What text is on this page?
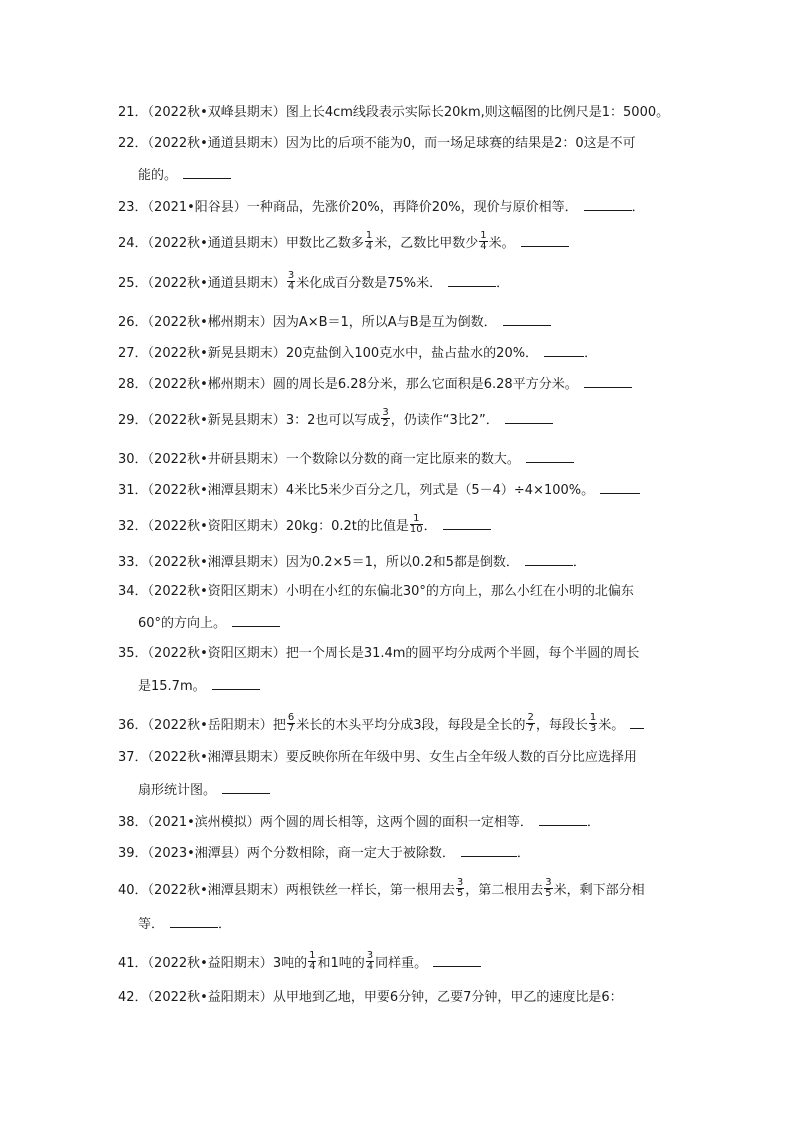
21．（2022秋•双峰县期末）图上长4cm线段表示实际长20km,则这幅图的比例尺是1：5000。
22．（2022秋•通道县期末）因为比的后项不能为0，而一场足球赛的结果是2：0这是不可
能的。
23．（2021•阳谷县）一种商品，先涨价20%，再降价20%，现价与原价相等．	．
24．（2022秋•通道县期末）甲数比乙数多 $\frac{1}{4}$ 米，乙数比甲数少 $\frac{1}{4}$ 米。
25．（2022秋•通道县期末） $\frac{3}{4}$ 米化成百分数是75%米．	．
26．（2022秋•郴州期末）因为A×B＝1，所以A与B是互为倒数．
27．（2022秋•新晃县期末）20克盐倒入100克水中，盐占盐水的20%．	．
28．（2022秋•郴州期末）圆的周长是6.28分米，那么它面积是6.28平方分米。
29．（2022秋•新晃县期末）3：2也可以写成 $\frac{3}{2}$ ，仍读作“3比2”．
30．（2022秋•井研县期末）一个数除以分数的商一定比原来的数大。
31．（2022秋•湘潭县期末）4米比5米少百分之几，列式是（5－4）÷4×100%。
32．（2022秋•资阳区期末）20kg：0.2t的比值是 $\frac{1}{10}$ ．
33．（2022秋•湘潭县期末）因为0.2×5＝1，所以0.2和5都是倒数．	．
34．（2022秋•资阳区期末）小明在小红的东偏北30°的方向上，那么小红在小明的北偏东
60°的方向上。
35．（2022秋•资阳区期末）把一个周长是31.4m的圆平均分成两个半圆，每个半圆的周长
是15.7m。
36．（2022秋•岳阳期末）把 $\frac{6}{7}$ 米长的木头平均分成3段，每段是全长的 $\frac{2}{7}$ ，每段长 $\frac{1}{3}$ 米。
37．（2022秋•湘潭县期末）要反映你所在年级中男、女生占全年级人数的百分比应选择用
扇形统计图。
38．（2021•滨州模拟）两个圆的周长相等，这两个圆的面积一定相等．	．
39．（2023•湘潭县）两个分数相除，商一定大于被除数．	．
40．（2022秋•湘潭县期末）两根铁丝一样长，第一根用去 $\frac{3}{5}$ ，第二根用去 $\frac{3}{5}$ 米，剩下部分相
等．	．
41．（2022秋•益阳期末）3吨的 $\frac{1}{4}$ 和1吨的 $\frac{3}{4}$ 同样重。
42．（2022秋•益阳期末）从甲地到乙地，甲要6分钟，乙要7分钟，甲乙的速度比是6：
